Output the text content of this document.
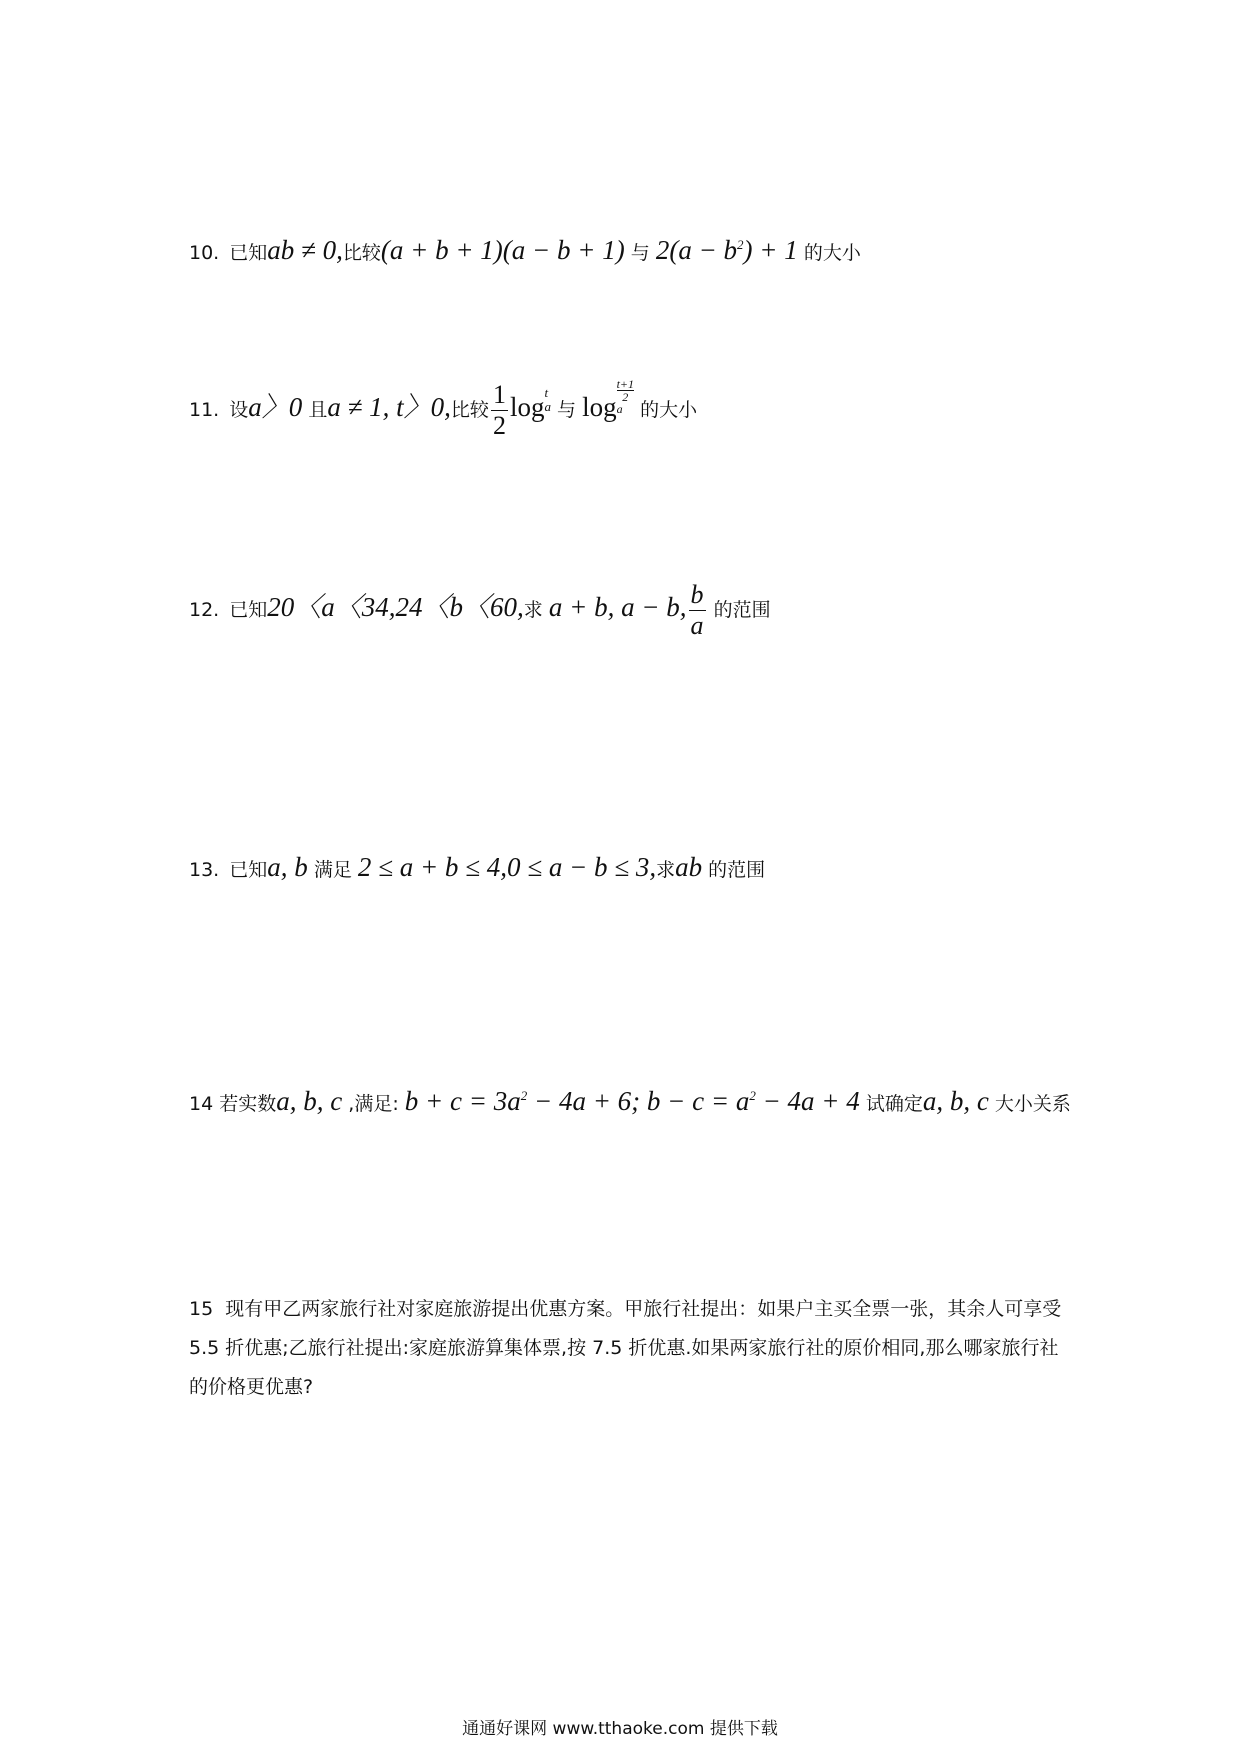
10. 已知ab ≠ 0,比较(a + b + 1)(a − b + 1) 与 $2(a - b^2) + 1$ 的大小
11. 设a〉0 且a ≠ 1, t〉0,比较 $\frac{1}{2}$ log t
a 与 log
t+1
2
a 的大小
12. 已知20〈a〈34,24〈b〈60,求 a + b, a − b, $\frac{b}{a}$ 的范围
13. 已知a, b 满足 2 ≤ a + b ≤ 4,0 ≤ a − b ≤ 3,求ab 的范围
14 若实数a, b, c ,满足: $b + c = 3a^2 - 4a + 6$; $b - c = a^2 - 4a + 4$ 试确定a, b, c 大小关系
15 现有甲乙两家旅行社对家庭旅游提出优惠方案。甲旅行社提出：如果户主买全票一张，其余人可享受 5.5 折优惠;乙旅行社提出:家庭旅游算集体票,按 7.5 折优惠.如果两家旅行社的原价相同,那么哪家旅行社的价格更优惠?
通通好课网 www.tthaoke.com 提供下载
